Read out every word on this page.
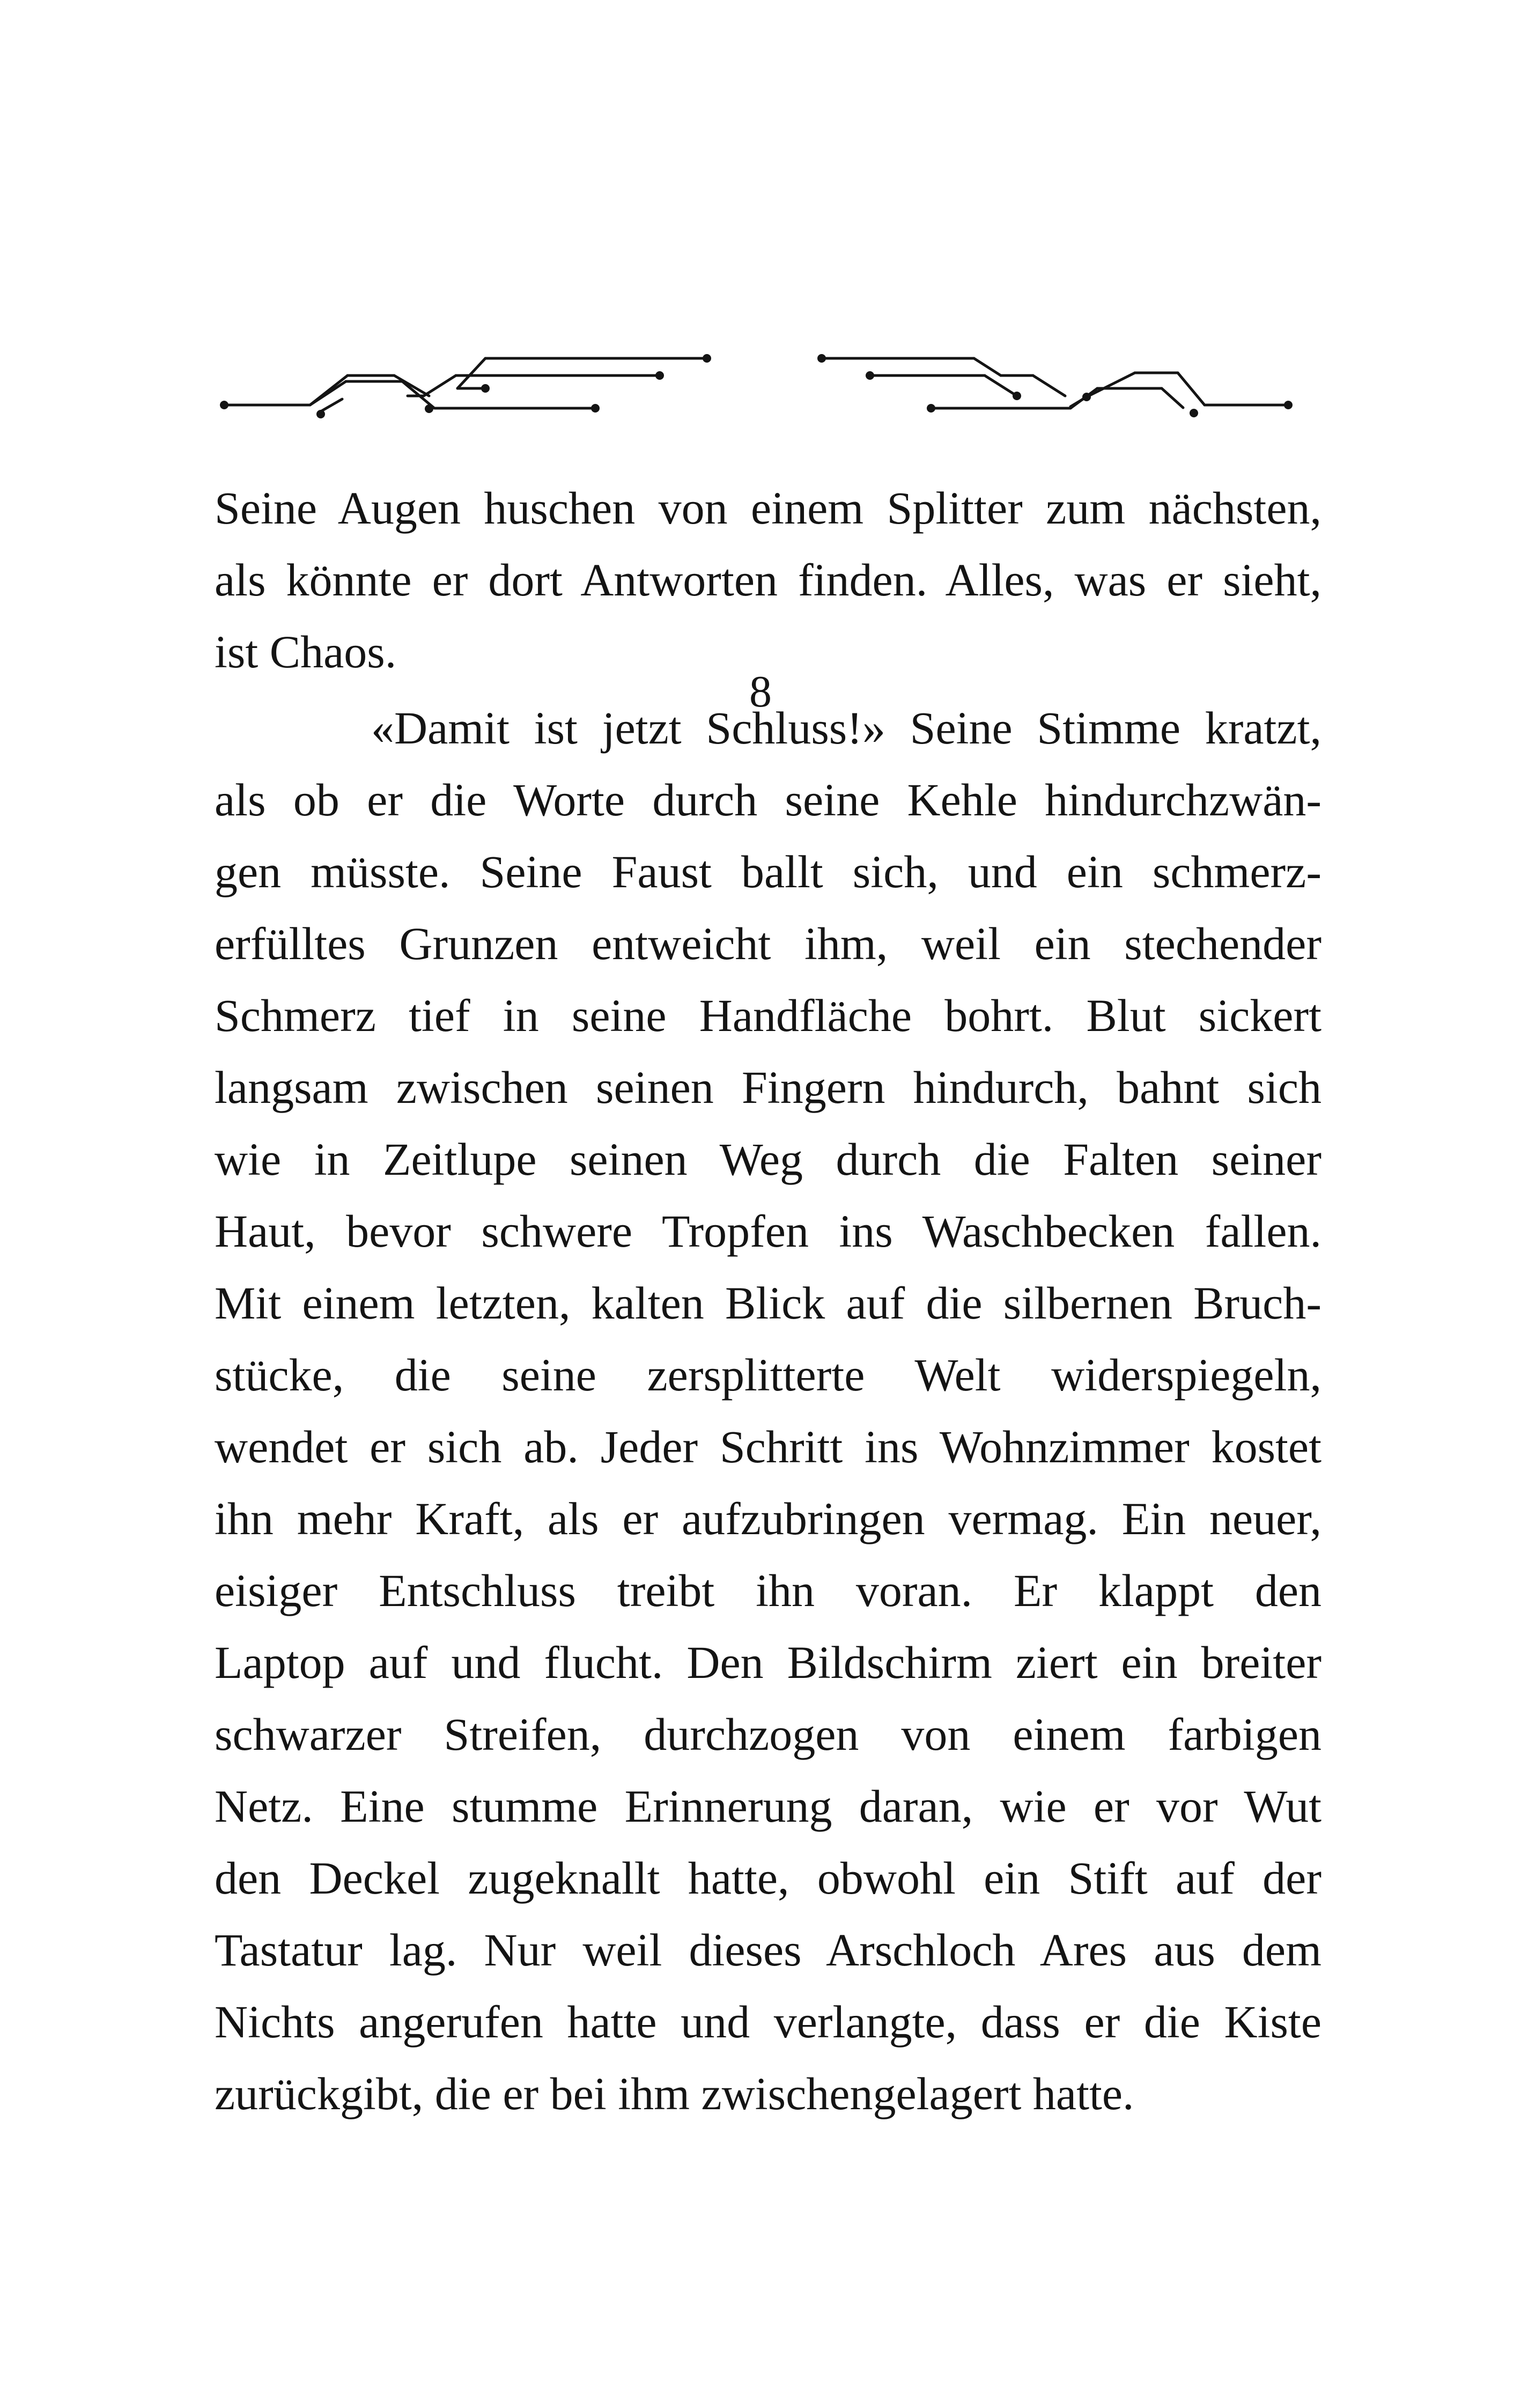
8

Seine Augen huschen von einem Splitter zum nächsten,
als könnte er dort Antworten finden. Alles, was er sieht,
ist Chaos.

«Damit ist jetzt Schluss!» Seine Stimme kratzt,
als ob er die Worte durch seine Kehle hindurchzwän-
gen müsste. Seine Faust ballt sich, und ein schmerz-
erfülltes Grunzen entweicht ihm, weil ein stechender
Schmerz tief in seine Handfläche bohrt. Blut sickert
langsam zwischen seinen Fingern hindurch, bahnt sich
wie in Zeitlupe seinen Weg durch die Falten seiner
Haut, bevor schwere Tropfen ins Waschbecken fallen.
Mit einem letzten, kalten Blick auf die silbernen Bruch-
stücke, die seine zersplitterte Welt widerspiegeln,
wendet er sich ab. Jeder Schritt ins Wohnzimmer kostet
ihn mehr Kraft, als er aufzubringen vermag. Ein neuer,
eisiger Entschluss treibt ihn voran. Er klappt den
Laptop auf und flucht. Den Bildschirm ziert ein breiter
schwarzer Streifen, durchzogen von einem farbigen
Netz. Eine stumme Erinnerung daran, wie er vor Wut
den Deckel zugeknallt hatte, obwohl ein Stift auf der
Tastatur lag. Nur weil dieses Arschloch Ares aus dem
Nichts angerufen hatte und verlangte, dass er die Kiste
zurückgibt, die er bei ihm zwischengelagert hatte.
